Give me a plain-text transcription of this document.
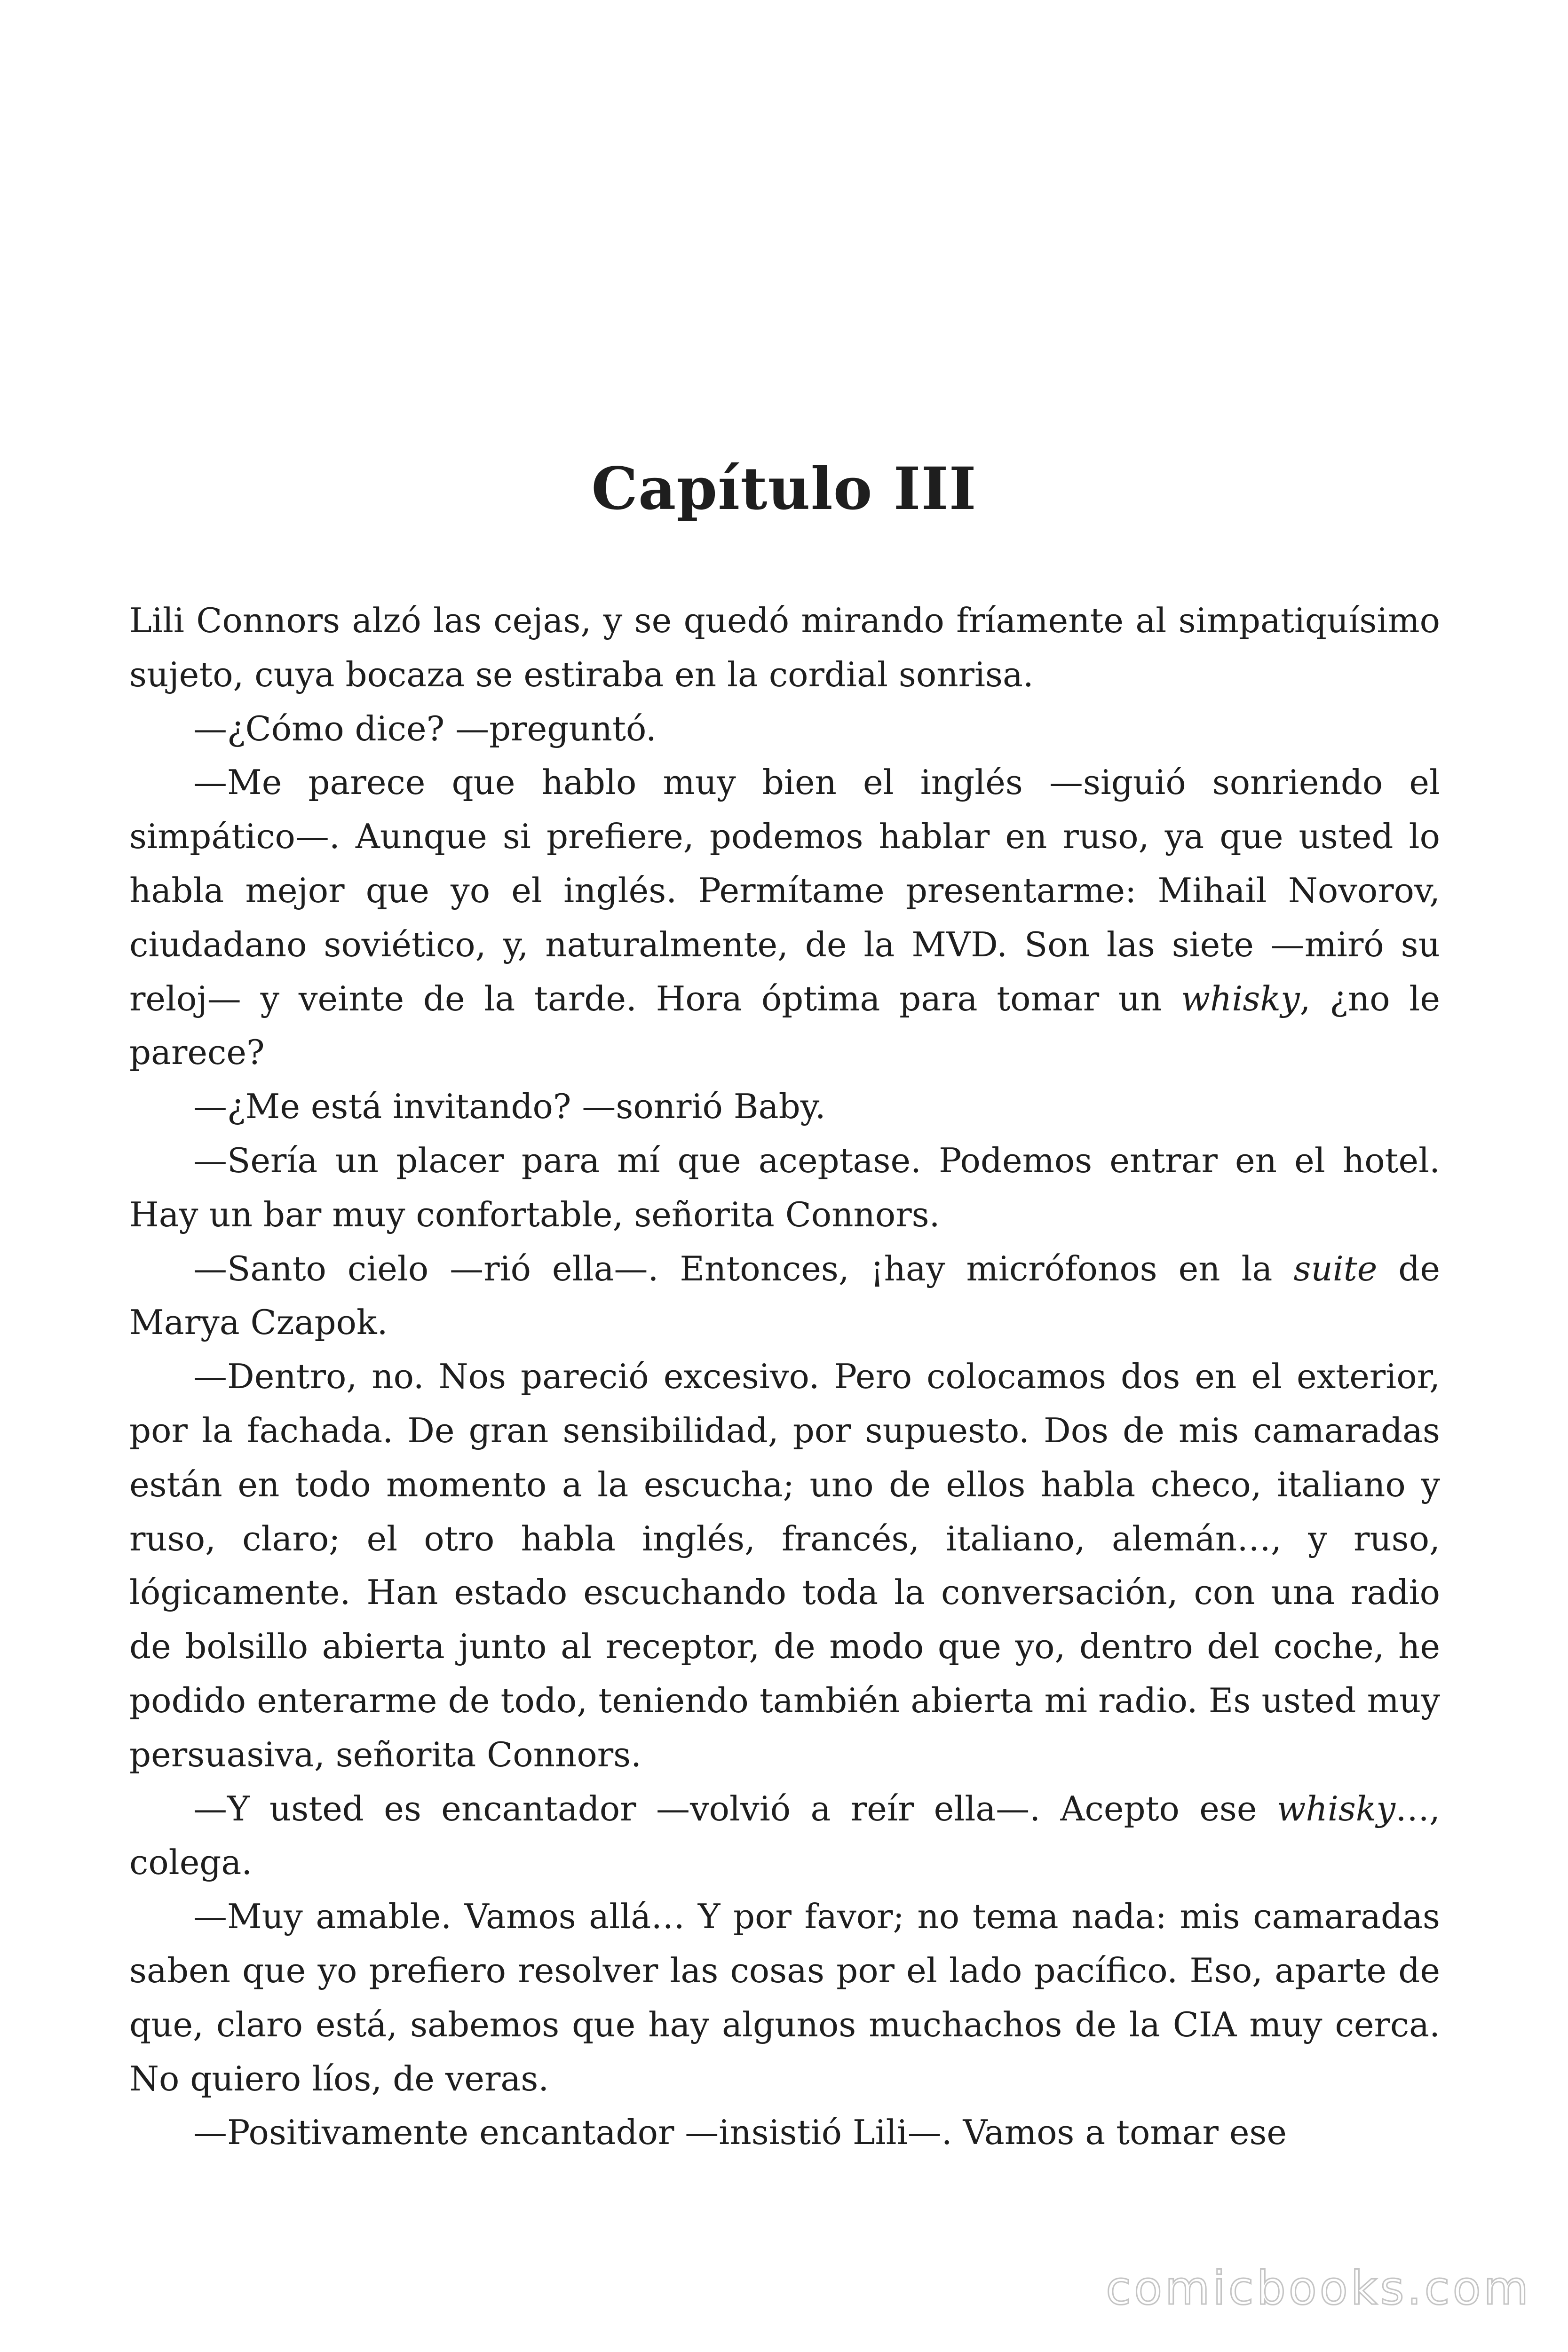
Capítulo III

Lili Connors alzó las cejas, y se quedó mirando fríamente al simpatiquísimo sujeto, cuya bocaza se estiraba en la cordial sonrisa.

—¿Cómo dice? —preguntó.

—Me parece que hablo muy bien el inglés —siguió sonriendo el simpático—. Aunque si prefiere, podemos hablar en ruso, ya que usted lo habla mejor que yo el inglés. Permítame presentarme: Mihail Novorov, ciudadano soviético, y, naturalmente, de la MVD. Son las siete —miró su reloj— y veinte de la tarde. Hora óptima para tomar un whisky, ¿no le parece?

—¿Me está invitando? —sonrió Baby.

—Sería un placer para mí que aceptase. Podemos entrar en el hotel. Hay un bar muy confortable, señorita Connors.

—Santo cielo —rió ella—. Entonces, ¡hay micrófonos en la suite de Marya Czapok.

—Dentro, no. Nos pareció excesivo. Pero colocamos dos en el exterior, por la fachada. De gran sensibilidad, por supuesto. Dos de mis camaradas están en todo momento a la escucha; uno de ellos habla checo, italiano y ruso, claro; el otro habla inglés, francés, italiano, alemán…, y ruso, lógicamente. Han estado escuchando toda la conversación, con una radio de bolsillo abierta junto al receptor, de modo que yo, dentro del coche, he podido enterarme de todo, teniendo también abierta mi radio. Es usted muy persuasiva, señorita Connors.

—Y usted es encantador —volvió a reír ella—. Acepto ese whisky…, colega.

—Muy amable. Vamos allá… Y por favor; no tema nada: mis camaradas saben que yo prefiero resolver las cosas por el lado pacífico. Eso, aparte de que, claro está, sabemos que hay algunos muchachos de la CIA muy cerca. No quiero líos, de veras.

—Positivamente encantador —insistió Lili—. Vamos a tomar ese

comicbooks.com
